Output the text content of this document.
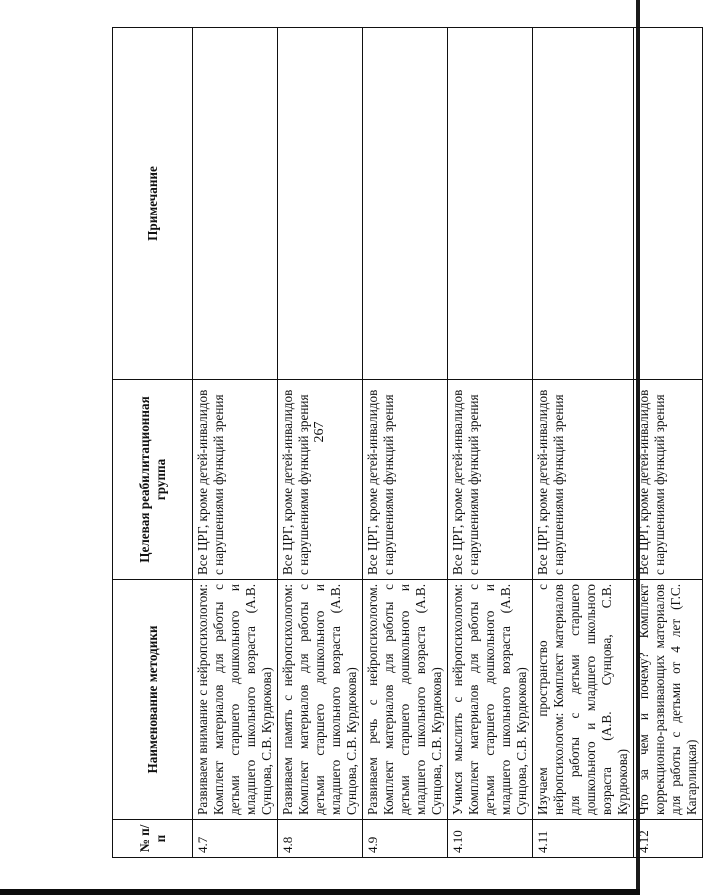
267
№ п/п	Наименование методики	Целевая реабилитационная группа	Примечание
4.7	Развиваем внимание с нейропсихологом: Комплект материалов для работы с детьми старшего дошкольного и младшего школьного возраста (А.В. Сунцова, С.В. Курдюкова)	Все ЦРГ, кроме детей-инвалидов с нарушениями функций зрения	
4.8	Развиваем память с нейропсихологом: Комплект материалов для работы с детьми старшего дошкольного и младшего школьного возраста (А.В. Сунцова, С.В. Курдюкова)	Все ЦРГ, кроме детей-инвалидов с нарушениями функций зрения	
4.9	Развиваем речь с нейропсихологом. Комплект материалов для работы с детьми старшего дошкольного и младшего школьного возраста (А.В. Сунцова, С.В. Курдюкова)	Все ЦРГ, кроме детей-инвалидов с нарушениями функций зрения	
4.10	Учимся мыслить с нейропсихологом: Комплект материалов для работы с детьми старшего дошкольного и младшего школьного возраста (А.В. Сунцова, С.В. Курдюкова)	Все ЦРГ, кроме детей-инвалидов с нарушениями функций зрения	
4.11	Изучаем пространство с нейропсихологом: Комплект материалов для работы с детьми старшего дошкольного и младшего школьного возраста (А.В. Сунцова, С.В. Курдюкова)	Все ЦРГ, кроме детей-инвалидов с нарушениями функций зрения	
4.12	Что за чем и почему? Комплект коррекционно-развивающих материалов для работы с детьми от 4 лет (Г.С. Кагарлицкая)	Все ЦРГ, кроме детей-инвалидов с нарушениями функций зрения	
